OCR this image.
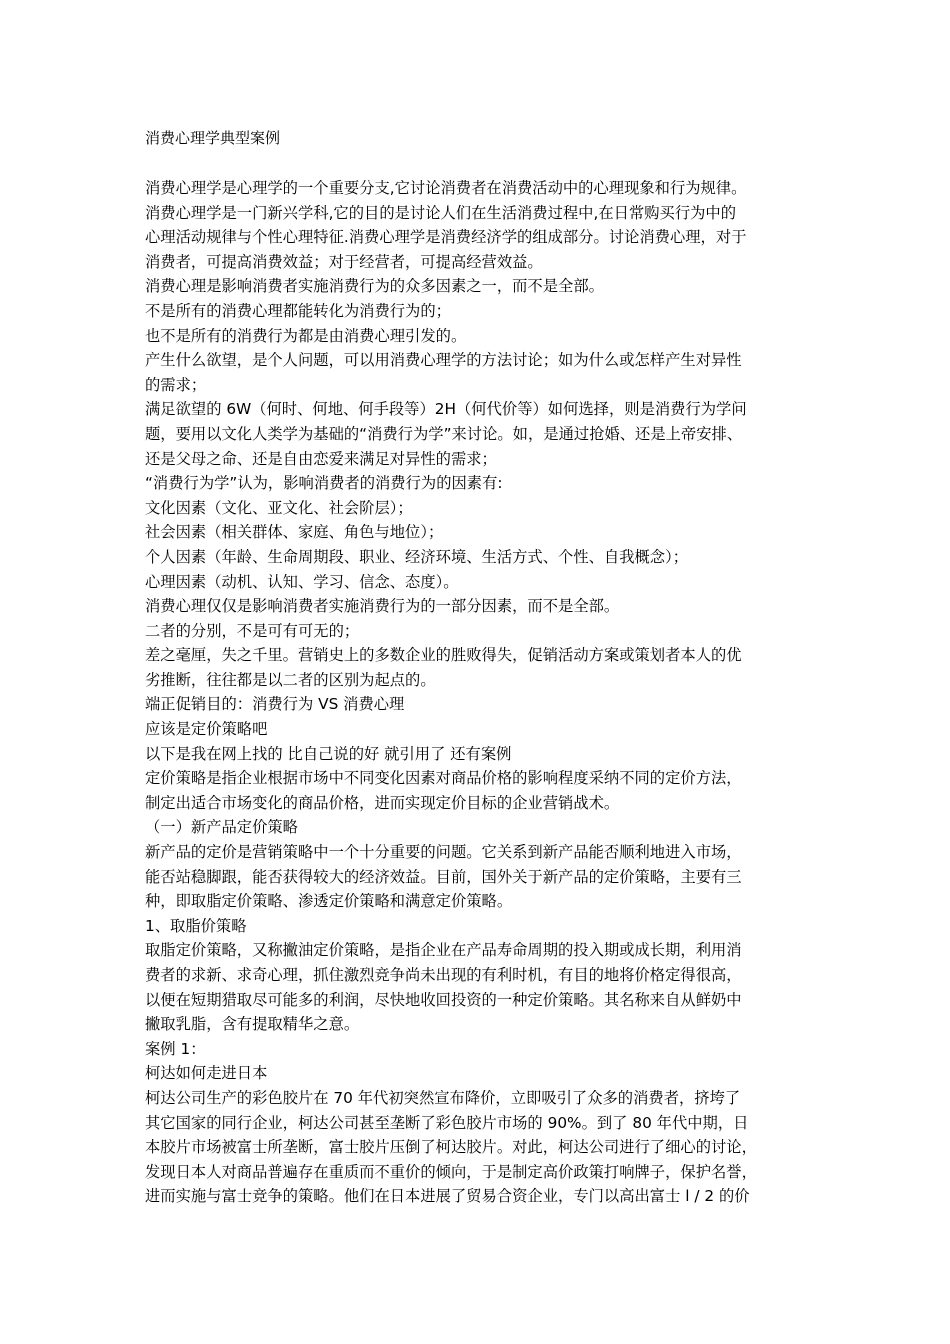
消费心理学典型案例
消费心理学是心理学的一个重要分支,它讨论消费者在消费活动中的心理现象和行为规律。
消费心理学是一门新兴学科,它的目的是讨论人们在生活消费过程中,在日常购买行为中的
心理活动规律与个性心理特征.消费心理学是消费经济学的组成部分。讨论消费心理，对于
消费者，可提高消费效益；对于经营者，可提高经营效益。
消费心理是影响消费者实施消费行为的众多因素之一，而不是全部。
不是所有的消费心理都能转化为消费行为的；
也不是所有的消费行为都是由消费心理引发的。
产生什么欲望，是个人问题，可以用消费心理学的方法讨论；如为什么或怎样产生对异性
的需求；
满足欲望的 6W（何时、何地、何手段等）2H（何代价等）如何选择，则是消费行为学问
题，要用以文化人类学为基础的“消费行为学”来讨论。如，是通过抢婚、还是上帝安排、
还是父母之命、还是自由恋爱来满足对异性的需求；
“消费行为学”认为，影响消费者的消费行为的因素有:
文化因素（文化、亚文化、社会阶层）；
社会因素（相关群体、家庭、角色与地位）；
个人因素（年龄、生命周期段、职业、经济环境、生活方式、个性、自我概念）；
心理因素（动机、认知、学习、信念、态度）。
消费心理仅仅是影响消费者实施消费行为的一部分因素，而不是全部。
二者的分别，不是可有可无的；
差之毫厘，失之千里。营销史上的多数企业的胜败得失，促销活动方案或策划者本人的优
劣推断，往往都是以二者的区别为起点的。
端正促销目的：消费行为 VS 消费心理
应该是定价策略吧
以下是我在网上找的 比自己说的好 就引用了 还有案例
定价策略是指企业根据市场中不同变化因素对商品价格的影响程度采纳不同的定价方法，
制定出适合市场变化的商品价格，进而实现定价目标的企业营销战术。
（一）新产品定价策略
新产品的定价是营销策略中一个十分重要的问题。它关系到新产品能否顺利地进入市场，
能否站稳脚跟，能否获得较大的经济效益。目前，国外关于新产品的定价策略，主要有三
种，即取脂定价策略、渗透定价策略和满意定价策略。
1、取脂价策略
取脂定价策略，又称撇油定价策略，是指企业在产品寿命周期的投入期或成长期，利用消
费者的求新、求奇心理，抓住激烈竞争尚未出现的有利时机，有目的地将价格定得很高，
以便在短期猎取尽可能多的利润，尽快地收回投资的一种定价策略。其名称来自从鲜奶中
撇取乳脂，含有提取精华之意。
案例 1：
柯达如何走进日本
柯达公司生产的彩色胶片在 70 年代初突然宣布降价，立即吸引了众多的消费者，挤垮了
其它国家的同行企业，柯达公司甚至垄断了彩色胶片市场的 90%。到了 80 年代中期，日
本胶片市场被富士所垄断，富士胶片压倒了柯达胶片。对此，柯达公司进行了细心的讨论，
发现日本人对商品普遍存在重质而不重价的倾向，于是制定高价政策打响牌子，保护名誉，
进而实施与富士竞争的策略。他们在日本进展了贸易合资企业，专门以高出富士 l / 2 的价
